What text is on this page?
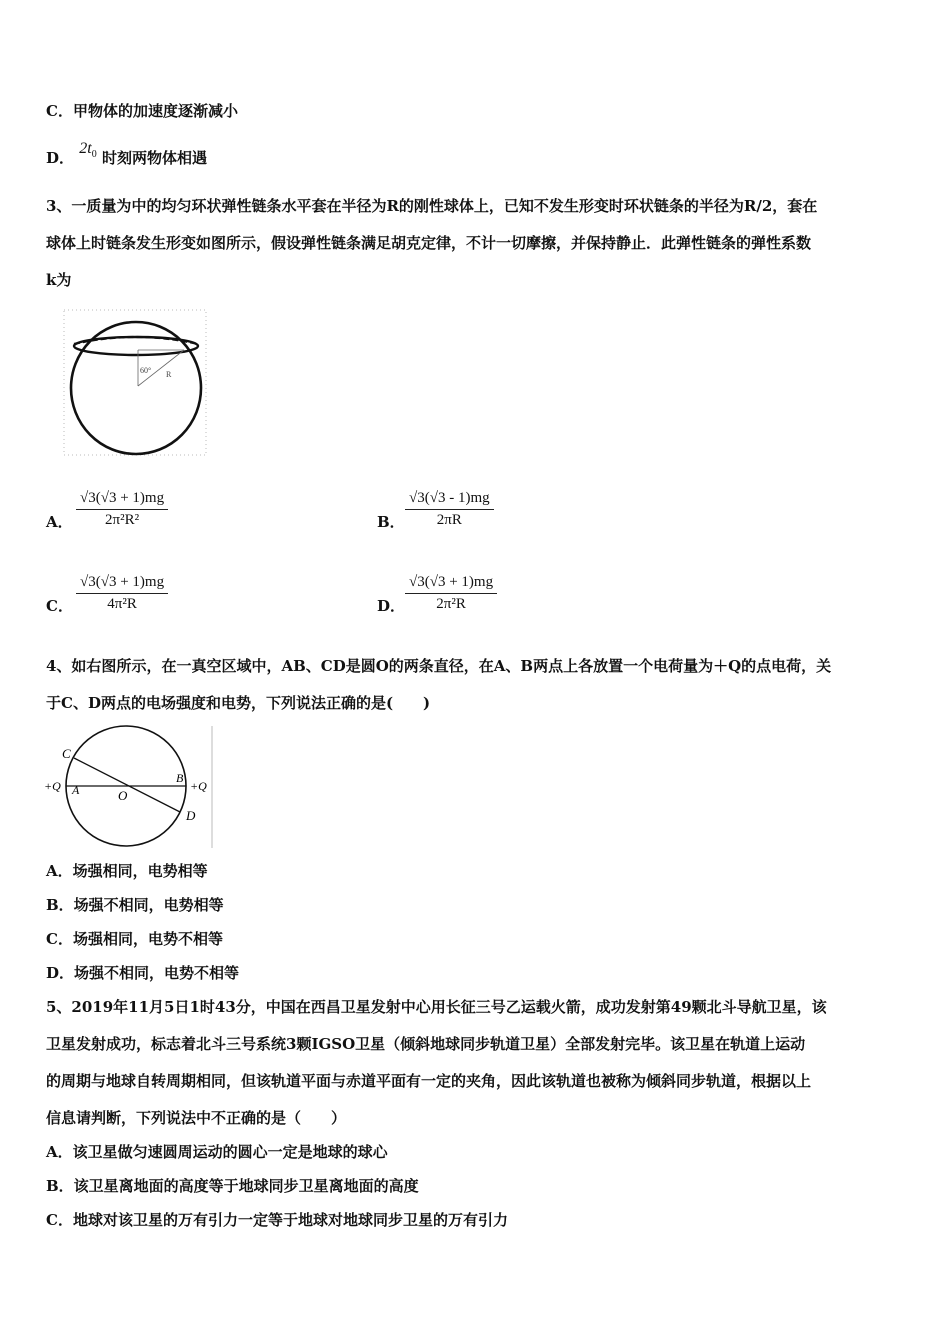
C．甲物体的加速度逐渐减小
D． $2t_0$ 时刻两物体相遇
3、一质量为中的均匀环状弹性链条水平套在半径为R的刚性球体上，已知不发生形变时环状链条的半径为R/2，套在
球体上时链条发生形变如图所示，假设弹性链条满足胡克定律，不计一切摩擦，并保持静止．此弹性链条的弹性系数
k为
60° R
A． $\frac{√3(√3 + 1)mg}{\text{2π²R²}}$	B． $\frac{√3(√3 - 1)mg}{2\pi R}$
C． $\frac{√3(√3 + 1)mg}{\text{4π²R}}$	D． $\frac{√3(√3 + 1)mg}{\text{2π²R}}$
4、如右图所示，在一真空区域中，AB、CD是圆O的两条直径，在A、B两点上各放置一个电荷量为＋Q的点电荷，关
于C、D两点的电场强度和电势，下列说法正确的是(　　)
C
D
A
B
O
+Q	+Q
A．场强相同，电势相等
B．场强不相同，电势相等
C．场强相同，电势不相等
D．场强不相同，电势不相等
5、2019年11月5日1时43分，中国在西昌卫星发射中心用长征三号乙运载火箭，成功发射第49颗北斗导航卫星，该
卫星发射成功，标志着北斗三号系统3颗IGSO卫星（倾斜地球同步轨道卫星）全部发射完毕。该卫星在轨道上运动
的周期与地球自转周期相同，但该轨道平面与赤道平面有一定的夹角，因此该轨道也被称为倾斜同步轨道，根据以上
信息请判断，下列说法中不正确的是（　　）
A．该卫星做匀速圆周运动的圆心一定是地球的球心
B．该卫星离地面的高度等于地球同步卫星离地面的高度
C．地球对该卫星的万有引力一定等于地球对地球同步卫星的万有引力
